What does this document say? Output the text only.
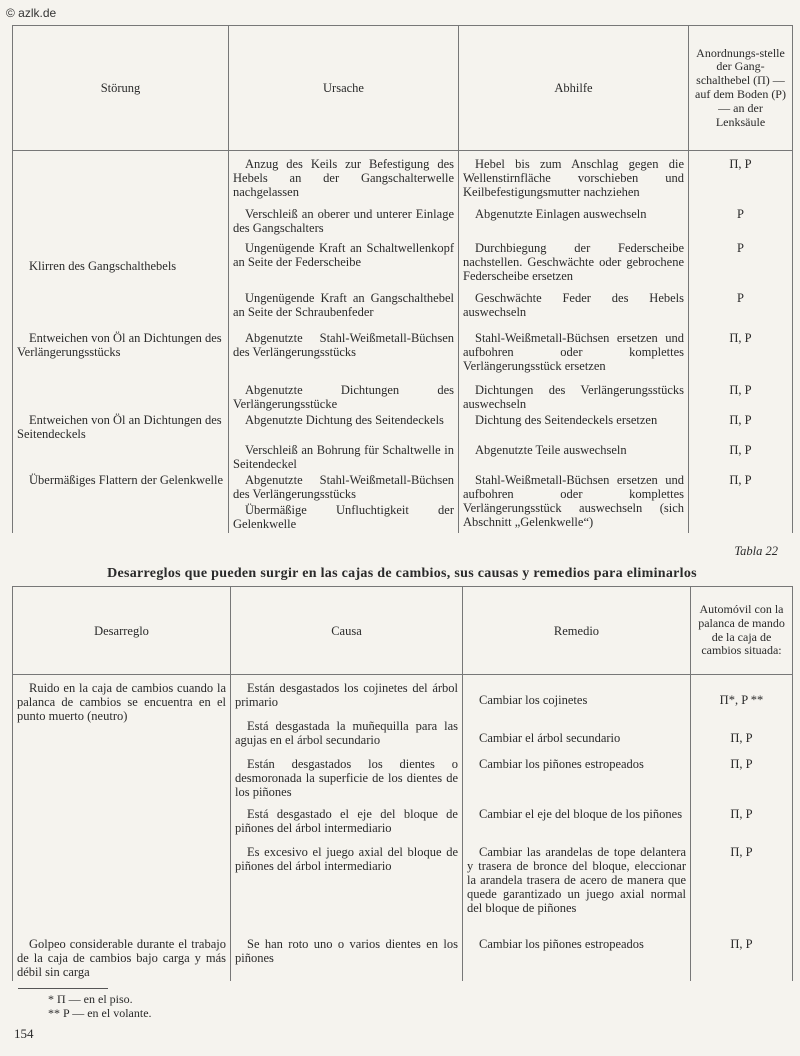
© azlk.de
Störung	Ursache	Abhilfe	Anordnungs-stelle der Gang-schalthebel (П) — auf dem Boden (P) — an der Lenksäule

	Anzug des Keils zur Befestigung des Hebels an der Gangschalterwelle nachgelassen	Hebel bis zum Anschlag gegen die Wellenstirnfläche vorschieben und Keilbefestigungsmutter nachziehen	П, P
	Verschleiß an oberer und unterer Einlage des Gangschalters	Abgenutzte Einlagen auswechseln	P
Klirren des Gangschalthebels	Ungenügende Kraft an Schaltwellenkopf an Seite der Federscheibe	Durchbiegung der Federscheibe nachstellen. Geschwächte oder gebrochene Federscheibe ersetzen	P
	Ungenügende Kraft an Gangschalthebel an Seite der Schraubenfeder	Geschwächte Feder des Hebels auswechseln	P
Entweichen von Öl an Dichtungen des Verlängerungsstücks	Abgenutzte Stahl-Weißmetall-Büchsen des Verlängerungsstücks	Stahl-Weißmetall-Büchsen ersetzen und aufbohren oder komplettes Verlängerungsstück ersetzen	П, P
	Abgenutzte Dichtungen des Verlängerungsstücke	Dichtungen des Verlängerungsstücks auswechseln	П, P
Entweichen von Öl an Dichtungen des Seitendeckels	Abgenutzte Dichtung des Seitendeckels	Dichtung des Seitendeckels ersetzen	П, P
	Verschleiß an Bohrung für Schaltwelle in Seitendeckel	Abgenutzte Teile auswechseln	П, P
Übermäßiges Flattern der Gelenkwelle	Abgenutzte Stahl-Weißmetall-Büchsen des Verlängerungsstücks	Stahl-Weißmetall-Büchsen ersetzen und aufbohren oder komplettes Verlängerungsstück auswechseln (sich Abschnitt „Gelenkwelle“)	П, P
	Übermäßige Unfluchtigkeit der Gelenkwelle		
Tabla 22
Desarreglos que pueden surgir en las cajas de cambios, sus causas y remedios para eliminarlos
Desarreglo	Causa	Remedio	Automóvil con la palanca de mando de la caja de cambios situada:

Ruido en la caja de cambios cuando la palanca de cambios se encuentra en el punto muerto (neutro)	Están desgastados los cojinetes del árbol primario	Cambiar los cojinetes	П*, P **
	Está desgastada la muñequilla para las agujas en el árbol secundario	Cambiar el árbol secundario	П, P
	Están desgastados los dientes o desmoronada la superficie de los dientes de los piñones	Cambiar los piñones estropeados	П, P
	Está desgastado el eje del bloque de piñones del árbol intermediario	Cambiar el eje del bloque de los piñones	П, P
	Es excesivo el juego axial del bloque de piñones del árbol intermediario	Cambiar las arandelas de tope delantera y trasera de bronce del bloque, eleccionar la arandela trasera de acero de manera que quede garantizado un juego axial normal del bloque de piñones	П, P
Golpeo considerable durante el trabajo de la caja de cambios bajo carga y más débil sin carga	Se han roto uno o varios dientes en los piñones	Cambiar los piñones estropeados	П, P
* П — en el piso.
** P — en el volante.
154
